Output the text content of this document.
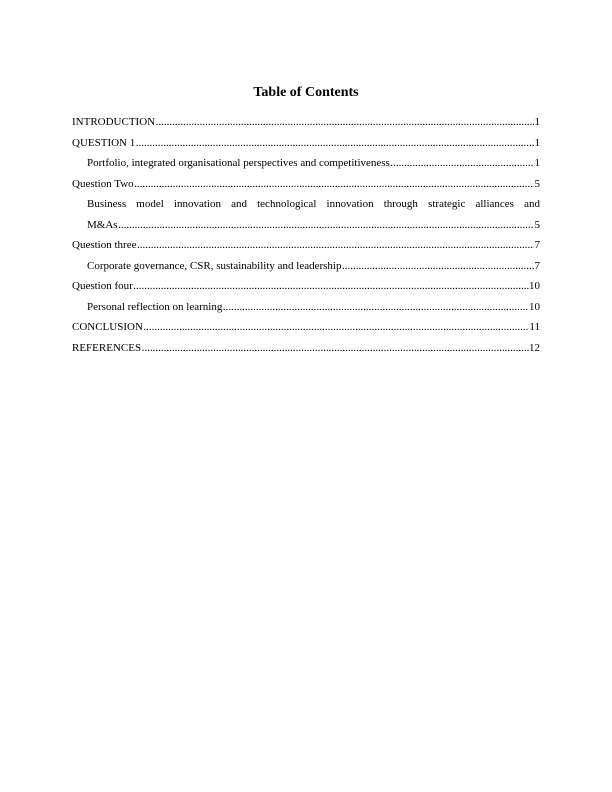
Table of Contents
INTRODUCTION .....	1
QUESTION 1 .....	1
Portfolio, integrated organisational perspectives and competitiveness. .....	1
Question Two .....	5
Business model innovation and technological innovation through strategic alliances and
M&As .....	5
Question three .....	7
Corporate governance, CSR, sustainability and leadership .....	7
Question four .....	10
Personal reflection on learning .....	10
CONCLUSION .....	11
REFERENCES .....	12
